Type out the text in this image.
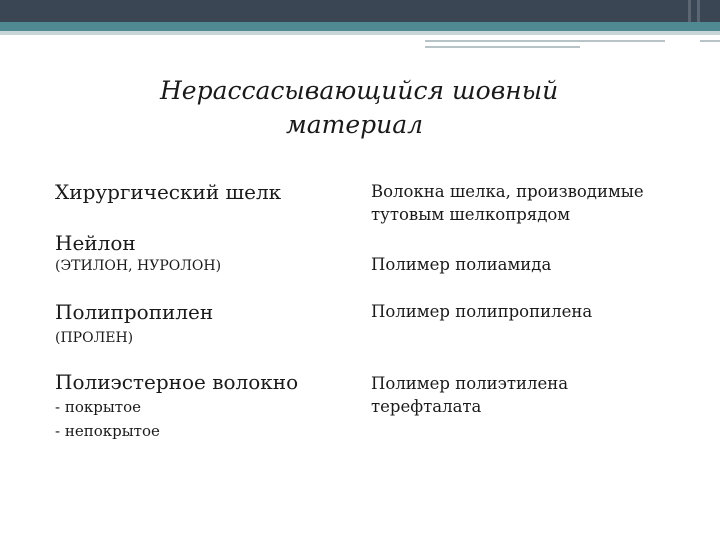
Нерассасывающийся шовный
материал
Хирургический шелк	Волокна шелка, производимые
тутовым шелкопрядом
Нейлон
(ЭТИЛОН, НУРОЛОН)	Полимер полиамида
Полипропилен
(ПРОЛЕН)
Полимер полипропилена
Полиэстерное волокно
- покрытое
- непокрытое
Полимер полиэтилена
терефталата
